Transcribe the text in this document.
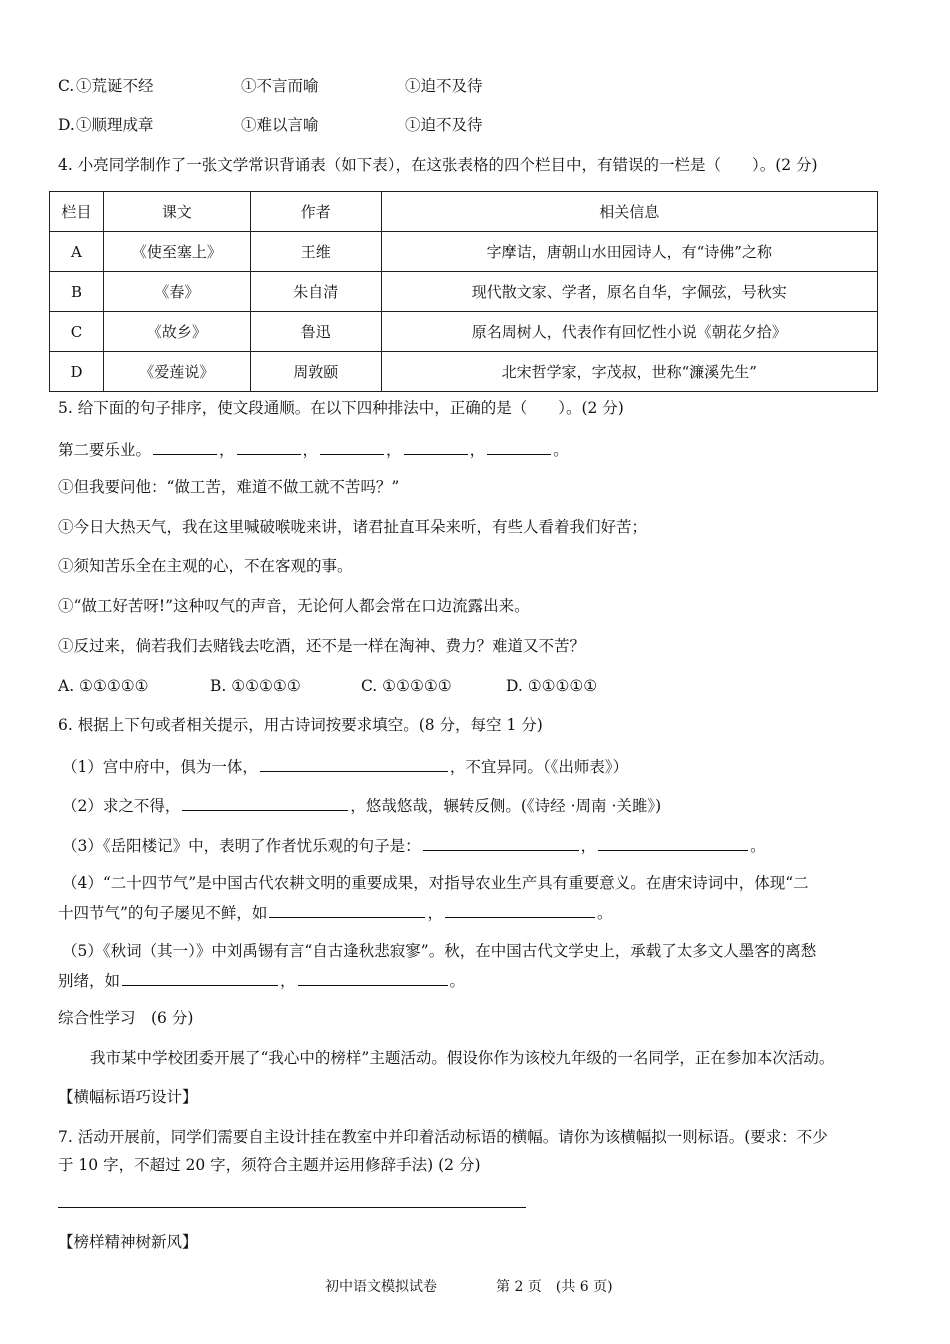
C. ①荒诞不经	①不言而喻	①迫不及待
D. ①顺理成章	①难以言喻	①迫不及待
4. 小亮同学制作了一张文学常识背诵表（如下表），在这张表格的四个栏目中，有错误的一栏是（　　）。(2 分)
栏目	课文	作者	相关信息
A	《使至塞上》	王维	字摩诘，唐朝山水田园诗人，有“诗佛”之称
B	《春》	朱自清	现代散文家、学者，原名自华，字佩弦，号秋实
C	《故乡》	鲁迅	原名周树人，代表作有回忆性小说《朝花夕拾》
D	《爱莲说》	周敦颐	北宋哲学家，字茂叔，世称“濂溪先生”
5. 给下面的句子排序，使文段通顺。在以下四种排法中，正确的是（　　）。(2 分)
第二要乐业。	，	，	，	，	。
①但我要问他：“做工苦，难道不做工就不苦吗？”
①今日大热天气，我在这里喊破喉咙来讲，诸君扯直耳朵来听，有些人看着我们好苦；
①须知苦乐全在主观的心，不在客观的事。
①“做工好苦呀!”这种叹气的声音，无论何人都会常在口边流露出来。
①反过来，倘若我们去赌钱去吃酒，还不是一样在淘神、费力？难道又不苦？
A. ①①①①①	B. ①①①①①	C. ①①①①①	D. ①①①①①
6. 根据上下句或者相关提示，用古诗词按要求填空。(8 分，每空 1 分)
（1）宫中府中，俱为一体，	，不宜异同。（《出师表》）
（2）求之不得，	，悠哉悠哉，辗转反侧。(《诗经 ·周南 ·关雎》)
（3）《岳阳楼记》中，表明了作者忧乐观的句子是：	，	。
（4）“二十四节气”是中国古代农耕文明的重要成果，对指导农业生产具有重要意义。在唐宋诗词中，体现“二
十四节气”的句子屡见不鲜，如	，	。
（5）《秋词（其一）》中刘禹锡有言“自古逢秋悲寂寥”。秋，在中国古代文学史上，承载了太多文人墨客的离愁
别绪，如	，	。
综合性学习　(6 分)
我市某中学校团委开展了“我心中的榜样”主题活动。假设你作为该校九年级的一名同学，正在参加本次活动。
【横幅标语巧设计】
7. 活动开展前，同学们需要自主设计挂在教室中并印着活动标语的横幅。请你为该横幅拟一则标语。(要求：不少
于 10 字，不超过 20 字，须符合主题并运用修辞手法) (2 分)
【榜样精神树新风】
初中语文模拟试卷	第 2 页　(共 6 页)
